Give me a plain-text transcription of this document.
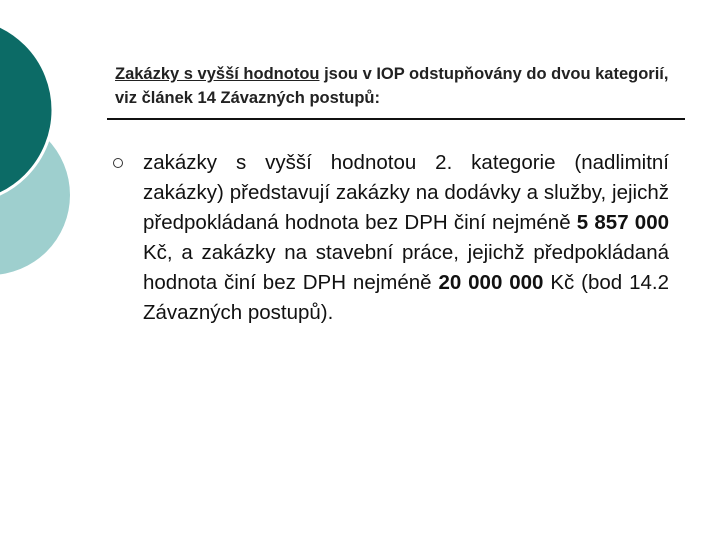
Zakázky s vyšší hodnotou jsou v IOP odstupňovány do dvou kategorií, viz článek 14 Závazných postupů:
zakázky s vyšší hodnotou 2. kategorie (nadlimitní zakázky) představují zakázky na dodávky a služby, jejichž předpokládaná hodnota bez DPH činí nejméně 5 857 000 Kč, a zakázky na stavební práce, jejichž předpokládaná hodnota činí bez DPH nejméně 20 000 000 Kč (bod 14.2 Závazných postupů).
